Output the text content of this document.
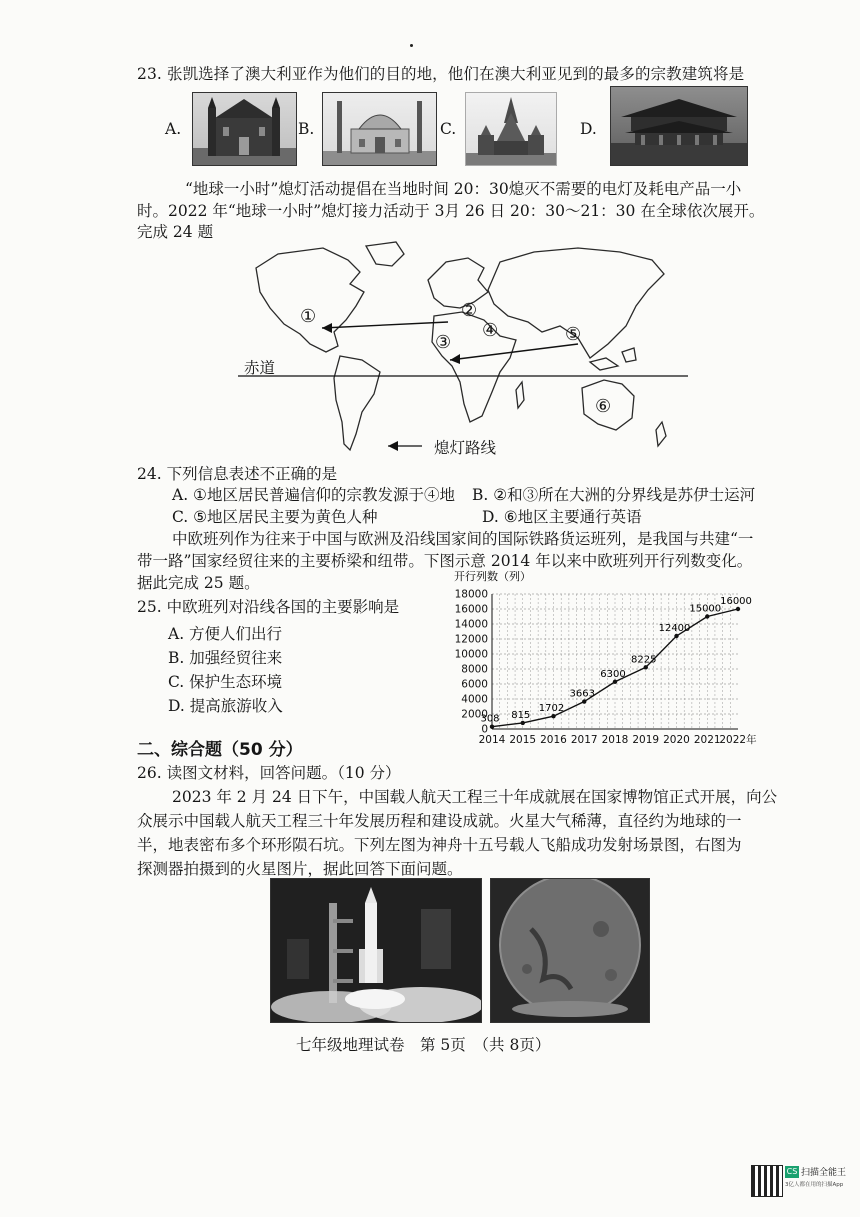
23. 张凯选择了澳大利亚作为他们的目的地，他们在澳大利亚见到的最多的宗教建筑将是
A.	B.	C.	D.
“地球一小时”熄灯活动提倡在当地时间 20：30熄灭不需要的电灯及耗电产品一小
时。2022 年“地球一小时”熄灯接力活动于 3月 26 日 20：30～21：30 在全球依次展开。
完成 24 题
①	②
③
④	⑤
⑥
赤道
熄灯路线
24. 下列信息表述不正确的是
A. ①地区居民普遍信仰的宗教发源于④地 B. ②和③所在大洲的分界线是苏伊士运河
C. ⑤地区居民主要为黄色人种	D. ⑥地区主要通行英语
中欧班列作为往来于中国与欧洲及沿线国家间的国际铁路货运班列，是我国与共建“一
带一路”国家经贸往来的主要桥梁和纽带。下图示意 2014 年以来中欧班列开行列数变化。
据此完成 25 题。
25. 中欧班列对沿线各国的主要影响是
A. 方便人们出行
B. 加强经贸往来
C. 保护生态环境
D. 提高旅游收入
开行列数（列）
0
2000
4000
6000
8000
10000
12000
14000
16000
18000
2014 2015 2016 2017 2018 2019 2020 2021
2022年
308 815
1702
3663
6300
8225
12400
15000
16000
二、综合题（50 分）
26. 读图文材料，回答问题。（10 分）
2023 年 2 月 24 日下午，中国载人航天工程三十年成就展在国家博物馆正式开展，向公
众展示中国载人航天工程三十年发展历程和建设成就。火星大气稀薄，直径约为地球的一
半，地表密布多个环形陨石坑。下列左图为神舟十五号载人飞船成功发射场景图，右图为
探测器拍摄到的火星图片，据此回答下面问题。
七年级地理试卷　第 5页　（共 8页）
CS 扫描全能王
3亿人都在用的扫描App
